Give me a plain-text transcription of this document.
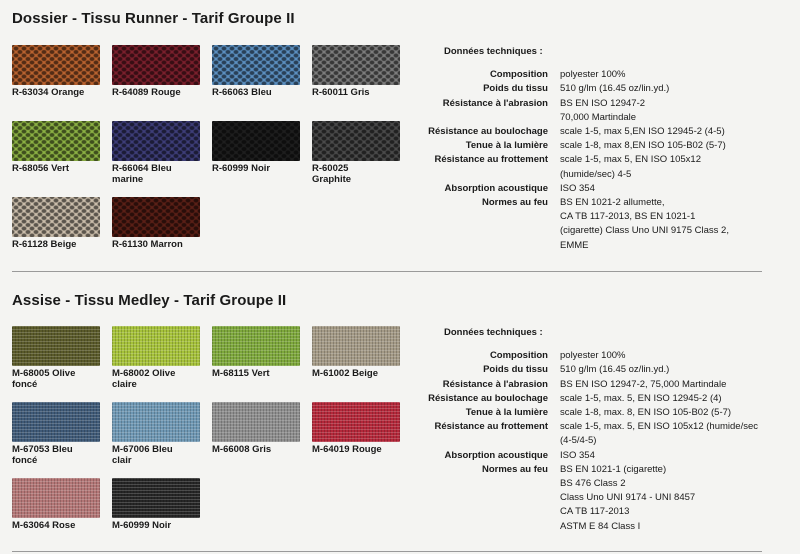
Dossier - Tissu Runner - Tarif Groupe II
R-63034 Orange	R-64089 Rouge	R-66063 Bleu	R-60011 Gris
R-68056 Vert	R-66064 Bleu
marine
R-60999 Noir	R-60025
Graphite
R-61128 Beige	R-61130 Marron
Données techniques :
Composition	polyester 100%
Poids du tissu	510 g/lm (16.45 oz/lin.yd.)
Résistance à l'abrasion	BS EN ISO 12947-2
70,000 Martindale
Résistance au boulochage	scale 1-5, max 5,EN ISO 12945-2 (4-5)
Tenue à la lumière	scale 1-8, max 8,EN ISO 105-B02 (5-7)
Résistance au frottement	scale 1-5, max 5, EN ISO 105x12
(humide/sec) 4-5
Absorption acoustique	ISO 354
Normes au feu	BS EN 1021-2 allumette,
CA TB 117-2013, BS EN 1021-1
(cigarette) Class Uno UNI 9175 Class 2,
EMME
Assise - Tissu Medley - Tarif Groupe II
M-68005 Olive
foncé
M-68002 Olive
claire
M-68115 Vert	M-61002 Beige
M-67053 Bleu
foncé
M-67006 Bleu
clair
M-66008 Gris	M-64019 Rouge
M-63064 Rose	M-60999 Noir
Données techniques :
Composition	polyester 100%
Poids du tissu	510 g/lm (16.45 oz/lin.yd.)
Résistance à l'abrasion	BS EN ISO 12947-2, 75,000 Martindale
Résistance au boulochage	scale 1-5, max. 5, EN ISO 12945-2 (4)
Tenue à la lumière	scale 1-8, max. 8, EN ISO 105-B02 (5-7)
Résistance au frottement	scale 1-5, max. 5, EN ISO 105x12 (humide/sec
(4-5/4-5)
Absorption acoustique	ISO 354
Normes au feu	BS EN 1021-1 (cigarette)
BS 476 Class 2
Class Uno UNI 9174 - UNI 8457
CA TB 117-2013
ASTM E 84 Class I
